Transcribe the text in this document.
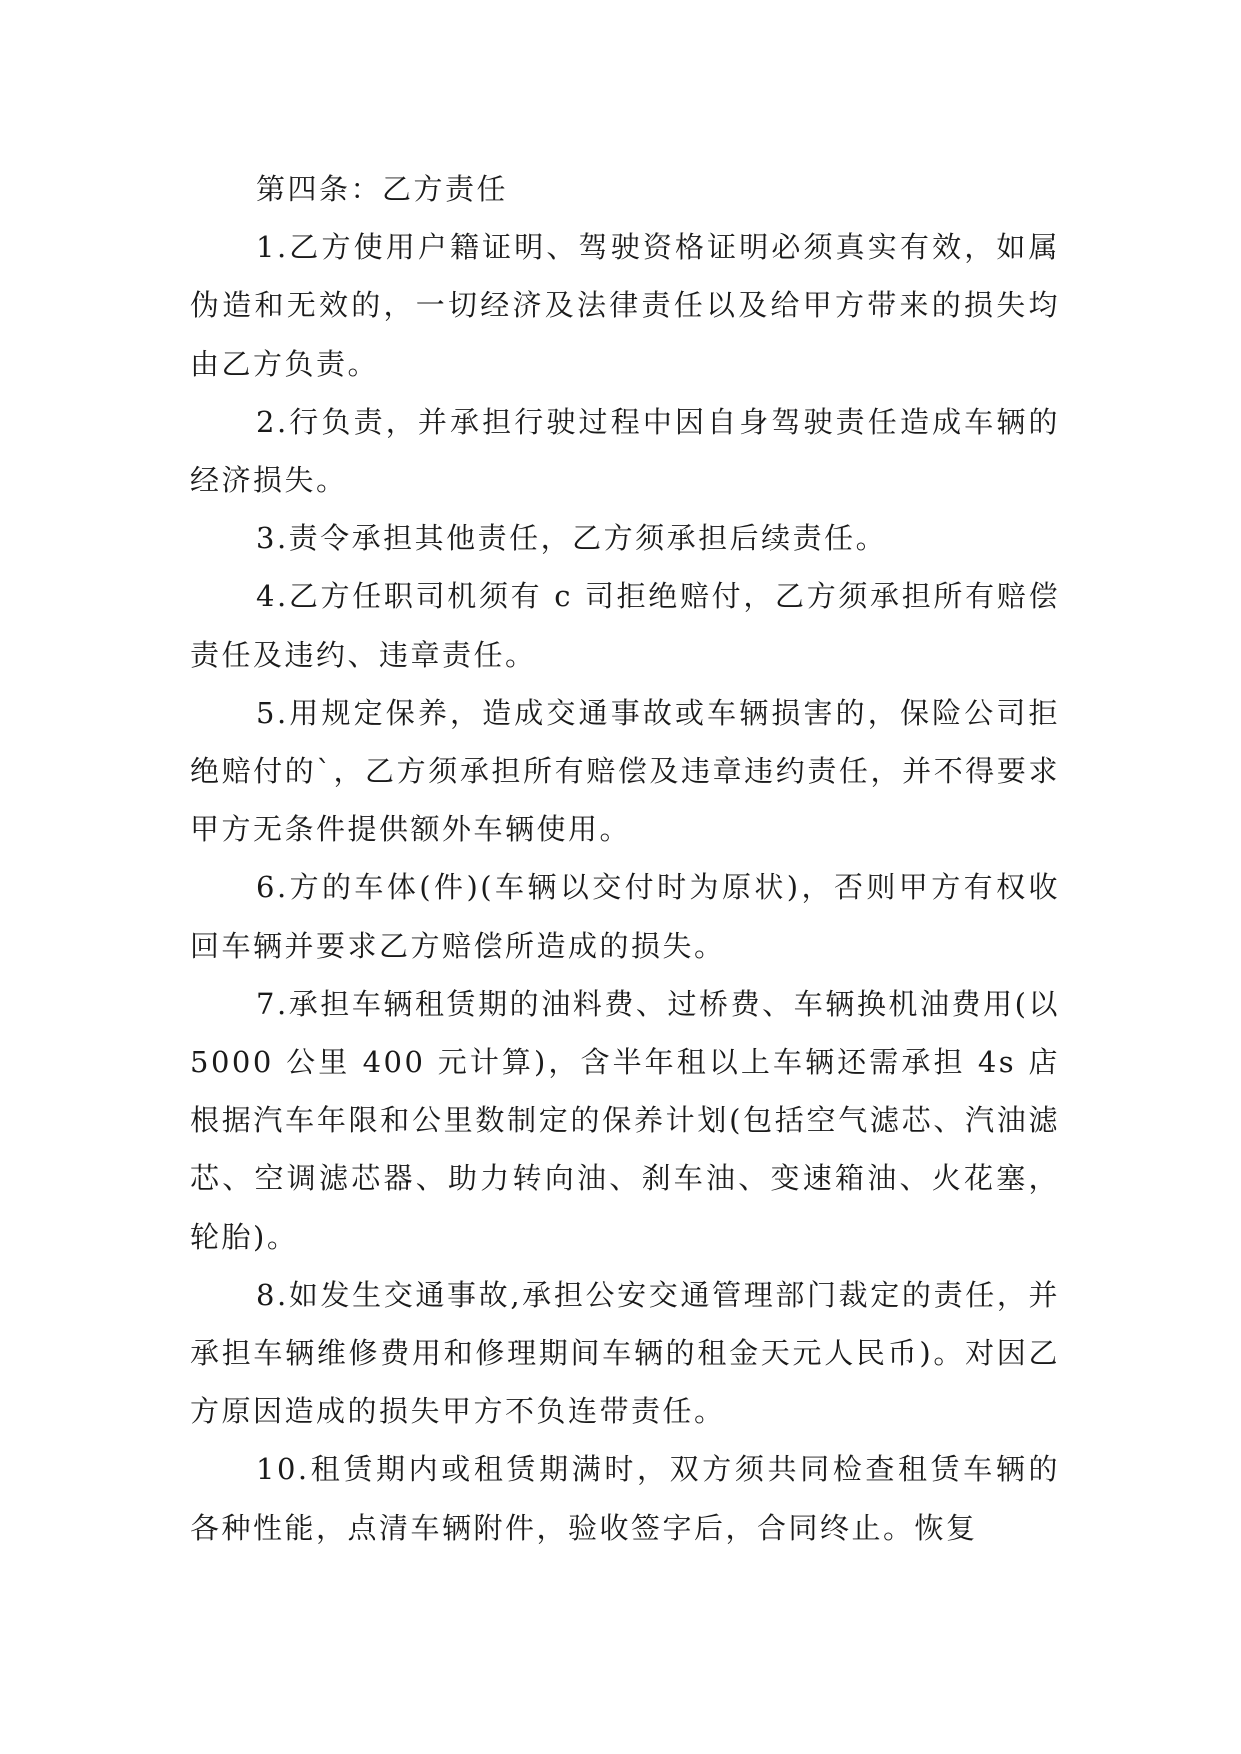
第四条：乙方责任

1.乙方使用户籍证明、驾驶资格证明必须真实有效，如属伪造和无效的，一切经济及法律责任以及给甲方带来的损失均由乙方负责。

2.行负责，并承担行驶过程中因自身驾驶责任造成车辆的经济损失。

3.责令承担其他责任，乙方须承担后续责任。

4.乙方任职司机须有 c 司拒绝赔付，乙方须承担所有赔偿责任及违约、违章责任。

5.用规定保养，造成交通事故或车辆损害的，保险公司拒绝赔付的`，乙方须承担所有赔偿及违章违约责任，并不得要求甲方无条件提供额外车辆使用。

6.方的车体(件)(车辆以交付时为原状)，否则甲方有权收回车辆并要求乙方赔偿所造成的损失。

7.承担车辆租赁期的油料费、过桥费、车辆换机油费用(以 5000 公里 400 元计算)，含半年租以上车辆还需承担 4s 店根据汽车年限和公里数制定的保养计划(包括空气滤芯、汽油滤芯、空调滤芯器、助力转向油、刹车油、变速箱油、火花塞，轮胎)。

8.如发生交通事故,承担公安交通管理部门裁定的责任，并承担车辆维修费用和修理期间车辆的租金天元人民币)。对因乙方原因造成的损失甲方不负连带责任。

10.租赁期内或租赁期满时，双方须共同检查租赁车辆的各种性能，点清车辆附件，验收签字后，合同终止。恢复
